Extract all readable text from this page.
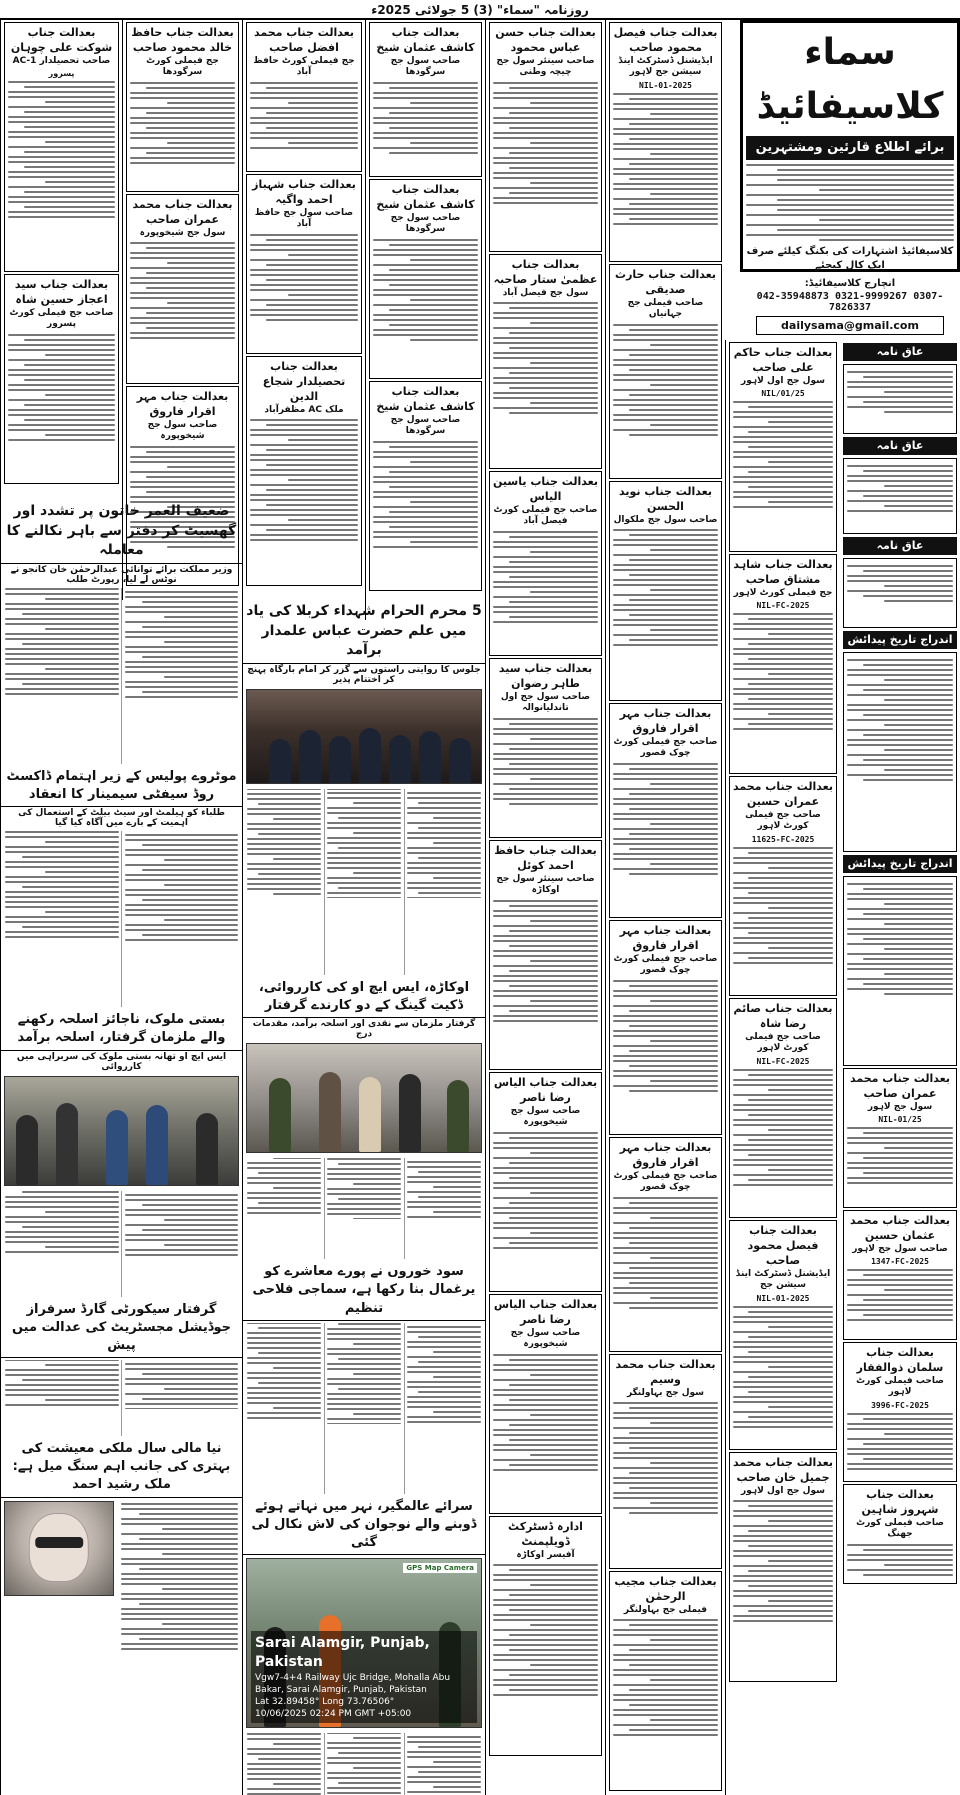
روزنامہ "سماء" (3) 5 جولائی 2025ء
سماء کلاسیفائیڈ
برائے اطلاع قارئین ومشتہرین
کلاسیفائیڈ اشتہارات کی بکنگ کیلئے صرف ایک کال کیجئے
انچارج کلاسیفائیڈ:
042-35948873 0321-9999267 0307-7826337
dailysama@gmail.com
عاق نامہ
عاق نامہ
عاق نامہ
اندراج تاریخ پیدائش
اندراج تاریخ پیدائش
بعدالت جناب محمد عمران صاحب
سول جج لاہور
NIL-01/25
بعدالت جناب محمد عثمان حسین
صاحب سول جج لاہور
1347-FC-2025
بعدالت جناب سلمان ذوالفقار
صاحب فیملی کورٹ لاہور
3996-FC-2025
بعدالت جناب شہروز شاہین
صاحب فیملی کورٹ جھنگ
بعدالت جناب حاکم علی صاحب
سول جج اول لاہور
NIL/01/25
بعدالت جناب شاہد مشتاق صاحب
جج فیملی کورٹ لاہور
NIL-FC-2025
بعدالت جناب محمد عمران حسین
صاحب جج فیملی کورٹ لاہور
11625-FC-2025
بعدالت جناب صائم رضا شاہ
صاحب جج فیملی کورٹ لاہور
NIL-FC-2025
بعدالت جناب فیصل محمود صاحب
ایڈیشنل ڈسٹرکٹ اینڈ سیشن جج
NIL-01-2025
بعدالت جناب محمد جمیل خان صاحب
سول جج اول لاہور
بعدالت جناب فیصل محمود صاحب
ایڈیشنل ڈسٹرکٹ اینڈ سیشن جج لاہور
NIL-01-2025
بعدالت جناب حارث صدیقی
صاحب فیملی جج جہانیاں
بعدالت جناب نوید الحسن
صاحب سول جج ملکوال
بعدالت جناب مہر اقرار فاروق
صاحب جج فیملی کورٹ چوک قصور
بعدالت جناب مہر اقرار فاروق
صاحب جج فیملی کورٹ چوک قصور
بعدالت جناب مہر اقرار فاروق
صاحب جج فیملی کورٹ چوک قصور
بعدالت جناب محمد وسیم
سول جج بہاولنگر
بعدالت جناب مجیب الرحمٰن
فیملی جج بہاولنگر
بعدالت جناب حسن عباس محمود
صاحب سینئر سول جج چیچہ وطنی
بعدالت جناب عظمیٰ ستار صاحبہ
سول جج فیصل آباد
بعدالت جناب یاسین الیاس
صاحب جج فیملی کورٹ فیصل آباد
بعدالت جناب سید طاہر رضوان
صاحب سول جج اول تاندلیانوالہ
بعدالت جناب حافظ احمد کوئل
صاحب سینئر سول جج اوکاڑہ
بعدالت جناب الیاس رضا ناصر
صاحب سول جج شیخوپورہ
بعدالت جناب الیاس رضا ناصر
صاحب سول جج شیخوپورہ
ادارہ ڈسٹرکٹ ڈویلپمنٹ
آفیسر اوکاڑہ
بعدالت جناب کاشف عثمان شیخ
صاحب سول جج سرگودھا
بعدالت جناب کاشف عثمان شیخ
صاحب سول جج سرگودھا
بعدالت جناب کاشف عثمان شیخ
صاحب سول جج سرگودھا
بعدالت جناب محمد افضل صاحب
جج فیملی کورٹ حافظ آباد
بعدالت جناب شہباز احمد واگیہ
صاحب سول جج حافظ آباد
بعدالت جناب تحصیلدار شجاع الدین
ملک AC مظفرآباد
بعدالت جناب حافظ خالد محمود صاحب
جج فیملی کورٹ سرگودھا
بعدالت جناب محمد عمران صاحب
سول جج شیخوپورہ
بعدالت جناب مہر اقرار فاروق
صاحب سول جج شیخوپورہ
بعدالت جناب شوکت علی چوہان
صاحب تحصیلدار AC-1
پسرور
بعدالت جناب سید اعجاز حسین شاہ
صاحب جج فیملی کورٹ پسرور
ضعیف العمر خاتون پر تشدد اور گھسیٹ کر دفتر سے باہر نکالنے کا معاملہ
وزیر مملکت برائے توانائی عبدالرحمٰن خان کانجو نے نوٹس لے لیا، رپورٹ طلب
موٹروے پولیس کے زیر اہتمام ڈاکسٹ روڈ سیفٹی سیمینار کا انعقاد
طلباء کو ہیلمٹ اور سیٹ بیلٹ کے استعمال کی اہمیت کے بارے میں آگاہ کیا گیا
بستی ملوک، ناجائز اسلحہ رکھنے والے ملزمان گرفتار، اسلحہ برآمد
ایس ایچ او تھانہ بستی ملوک کی سربراہی میں کارروائی
گرفتار سیکورٹی گارڈ سرفراز جوڈیشل مجسٹریٹ کی عدالت میں پیش
نیا مالی سال ملکی معیشت کی بہتری کی جانب اہم سنگ میل ہے: ملک رشید احمد
5 محرم الحرام شہداء کربلا کی یاد میں علم حضرت عباس علمدار برآمد
جلوس کا روایتی راستوں سے گزر کر امام بارگاہ پہنچ کر اختتام پذیر
اوکاڑہ، ایس ایچ او کی کارروائی، ڈکیت گینگ کے دو کارندے گرفتار
گرفتار ملزمان سے نقدی اور اسلحہ برآمد، مقدمات درج
سود خوروں نے پورے معاشرے کو یرغمال بنا رکھا ہے، سماجی فلاحی تنظیم
سرائے عالمگیر، نہر میں نہاتے ہوئے ڈوبنے والے نوجوان کی لاش نکال لی گئی
GPS Map Camera
Sarai Alamgir, Punjab, Pakistan
Vgw7-4+4 Railway Ujc Bridge, Mohalla Abu Bakar, Sarai Alamgir, Punjab, Pakistan
Lat 32.89458° Long 73.76506°
10/06/2025 02:24 PM GMT +05:00
